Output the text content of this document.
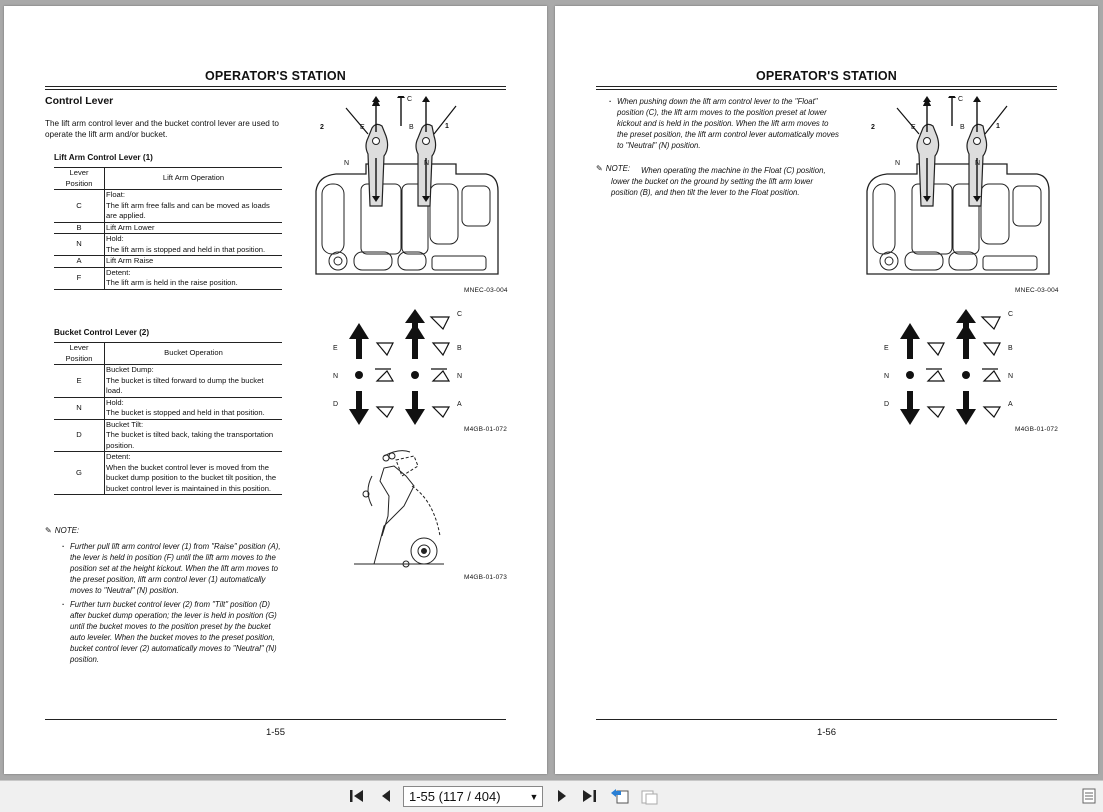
OPERATOR'S STATION
Control Lever
The lift arm control lever and the bucket control lever are used to operate the lift arm and/or bucket.
Lift Arm Control Lever (1)
Lever Position	Lift Arm Operation
C	Float:
The lift arm free falls and can be moved as loads are applied.
B	Lift Arm Lower
N	Hold:
The lift arm is stopped and held in that position.
A	Lift Arm Raise
F	Detent:
The lift arm is held in the raise position.
Bucket Control Lever (2)
Lever Position	Bucket Operation
E	Bucket Dump:
The bucket is tilted forward to dump the bucket load.
N	Hold:
The bucket is stopped and held in that position.
D	Bucket Tilt:
The bucket is tilted back, taking the transportation position.
G	Detent:
When the bucket control lever is moved from the bucket dump position to the bucket tilt position, the bucket control lever is maintained in this position.
✎ NOTE:
· Further pull lift arm control lever (1) from "Raise" position (A), the lever is held in position (F) until the lift arm moves to the position set at the height kickout. When the lift arm moves to the preset position, lift arm control lever (1) automatically moves to "Neutral" (N) position.
· Further turn bucket control lever (2) from "Tilt" position (D) after bucket dump operation; the lever is held in position (G) until the bucket moves to the position preset by the bucket auto leveler. When the bucket moves to the preset position, bucket control lever (2) automatically moves to "Neutral" (N) position.
2	1
C
E	B
N	N
MNEC-03-004
C
E	B
N	N
D	A
M4GB-01-072
M4GB-01-073
1-55
OPERATOR'S STATION
· When pushing down the lift arm control lever to the "Float" position (C), the lift arm moves to the position preset at lower kickout and is held in the position. When the lift arm moves to the preset position, the lift arm control lever automatically moves to "Neutral" (N) position.
✎ NOTE:	When operating the machine in the Float (C) position, lower the bucket on the ground by setting the lift arm lower position (B), and then tilt the lever to the Float position.
2	1
C
E	B
N	N
MNEC-03-004
C
E	B
N	N
D	A
M4GB-01-072
1-56
1-55 (117 / 404)	▼
